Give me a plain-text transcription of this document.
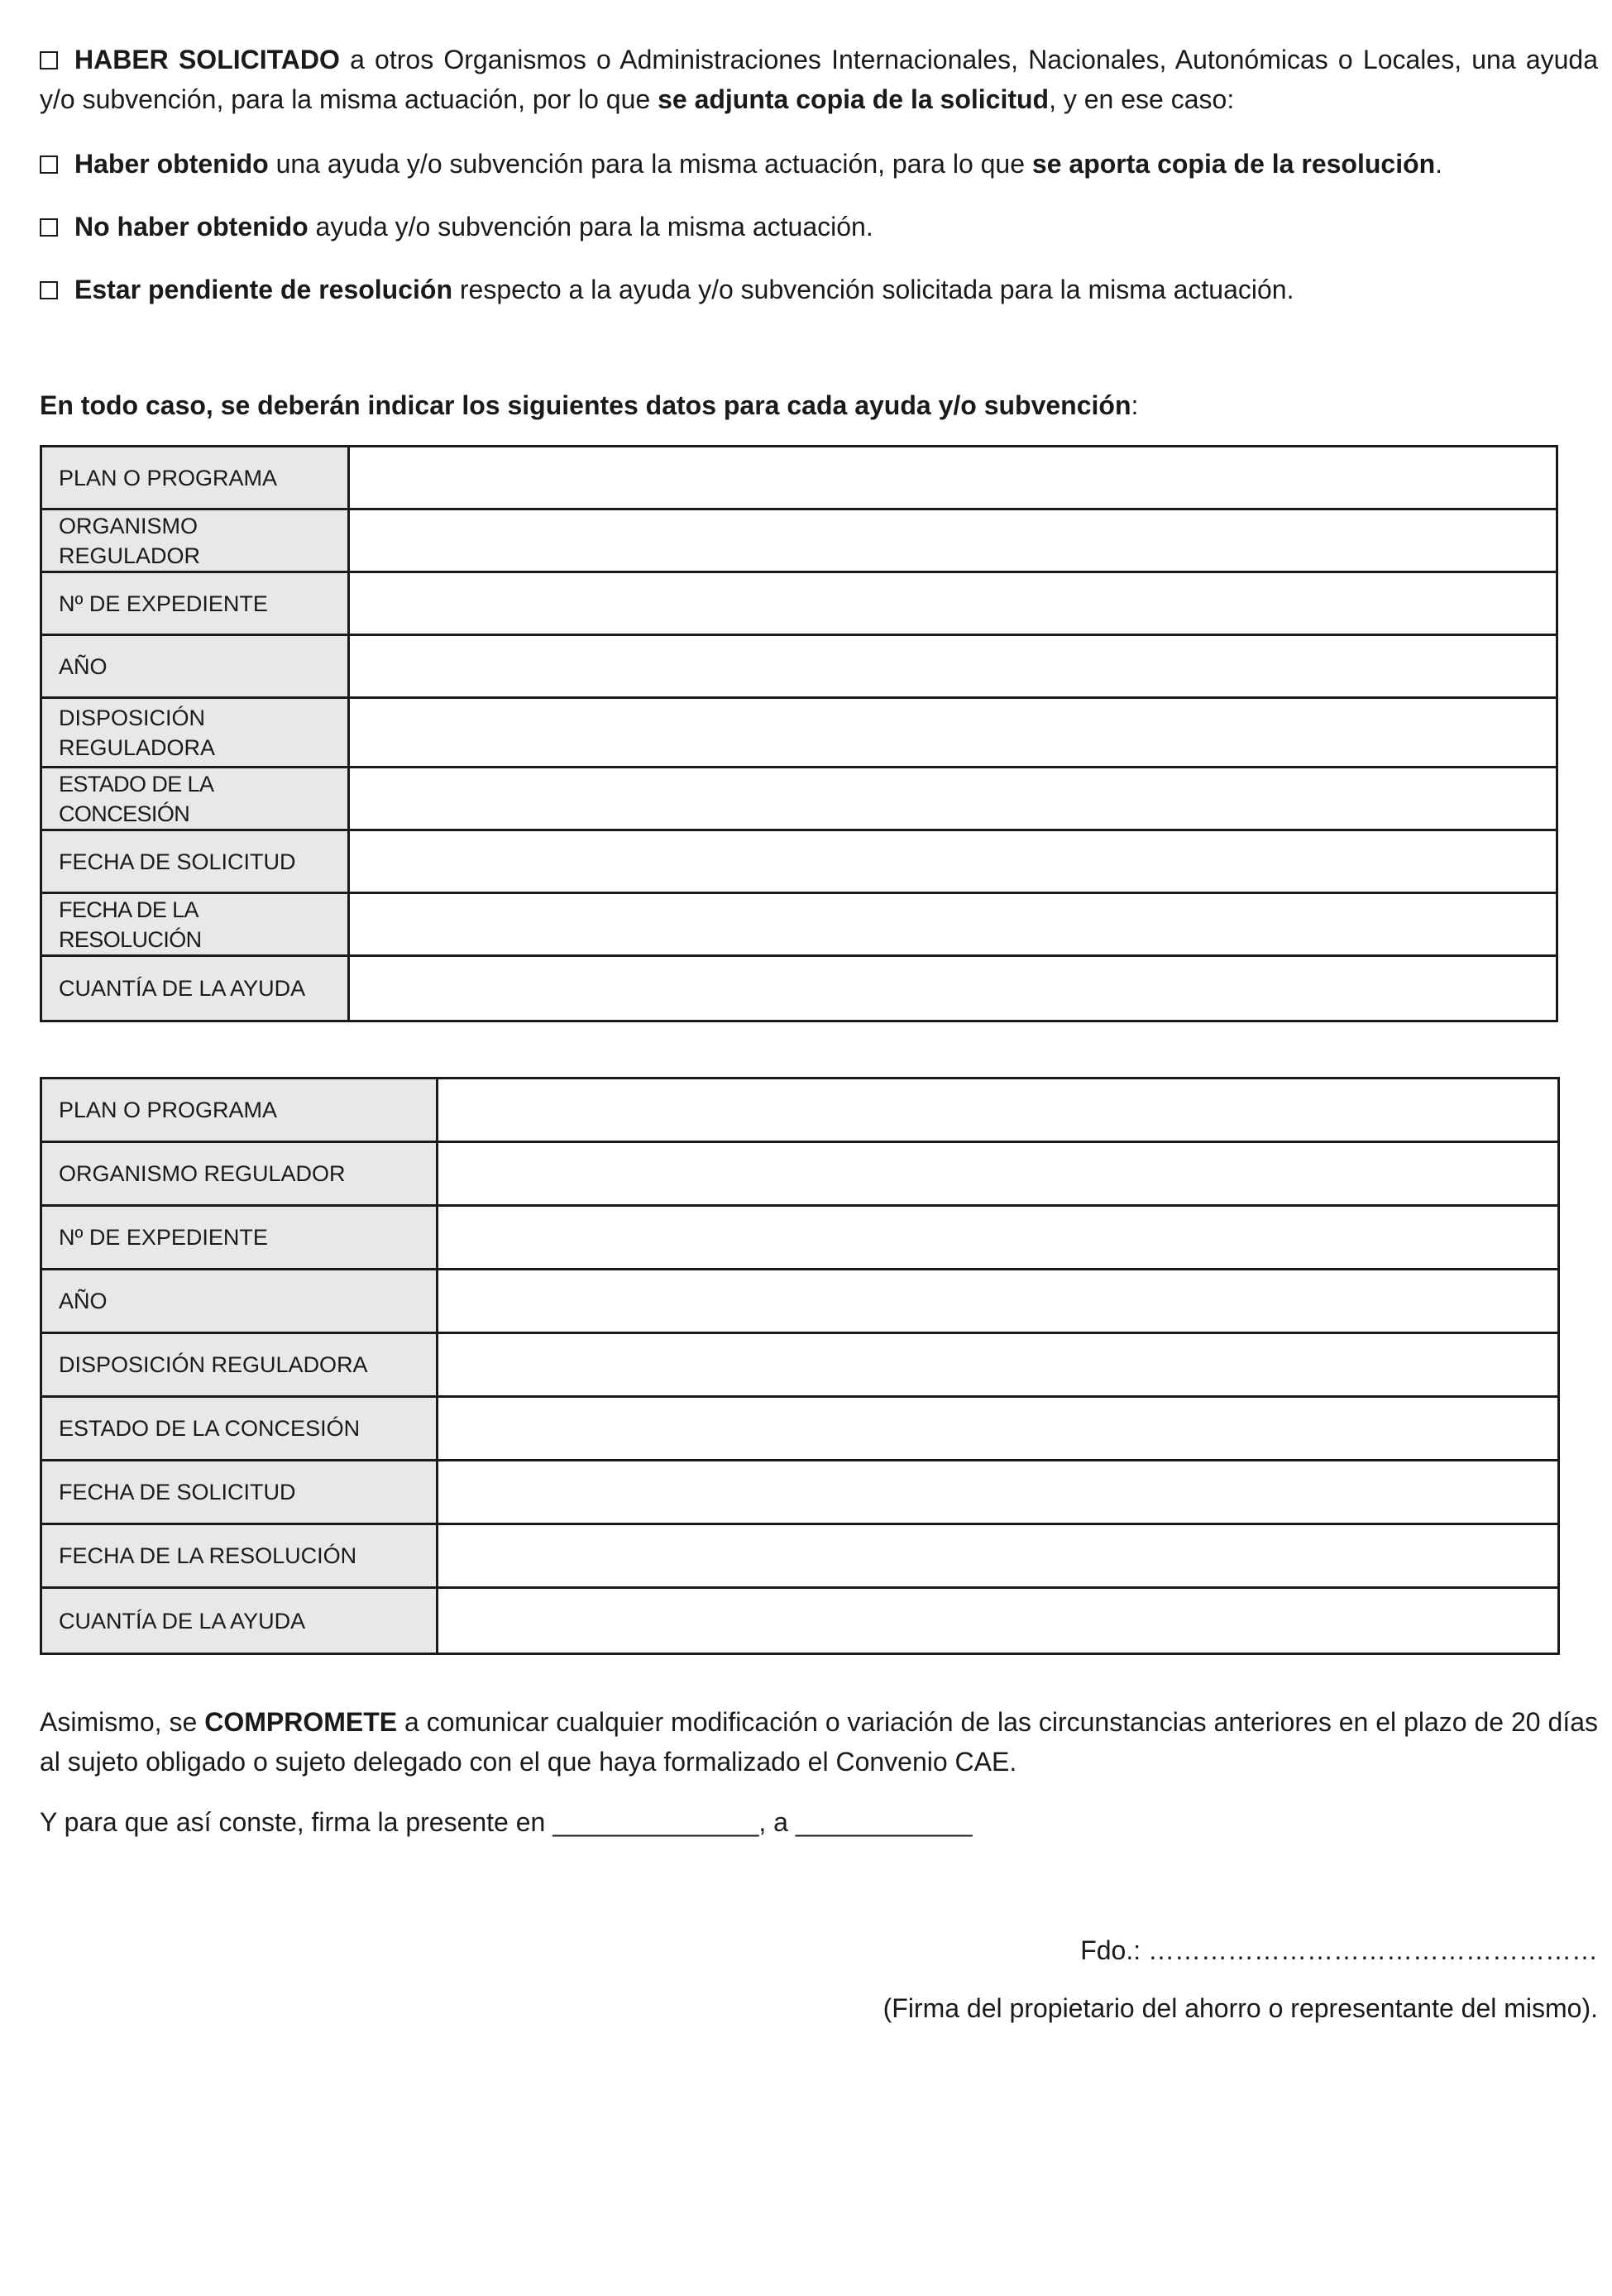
HABER SOLICITADO a otros Organismos o Administraciones Internacionales, Nacionales, Autonómicas o Locales, una ayuda y/o subvención, para la misma actuación, por lo que se adjunta copia de la solicitud, y en ese caso:

Haber obtenido una ayuda y/o subvención para la misma actuación, para lo que se aporta copia de la resolución.
No haber obtenido ayuda y/o subvención para la misma actuación.
Estar pendiente de resolución respecto a la ayuda y/o subvención solicitada para la misma actuación.
En todo caso, se deberán indicar los siguientes datos para cada ayuda y/o subvención:
PLAN O PROGRAMA
ORGANISMO REGULADOR
Nº DE EXPEDIENTE
AÑO
DISPOSICIÓN REGULADORA
ESTADO DE LA CONCESIÓN
FECHA DE SOLICITUD
FECHA DE LA RESOLUCIÓN
CUANTÍA DE LA AYUDA
PLAN O PROGRAMA
ORGANISMO REGULADOR
Nº DE EXPEDIENTE
AÑO
DISPOSICIÓN REGULADORA
ESTADO DE LA CONCESIÓN
FECHA DE SOLICITUD
FECHA DE LA RESOLUCIÓN
CUANTÍA DE LA AYUDA

Asimismo, se COMPROMETE a comunicar cualquier modificación o variación de las circunstancias anteriores en el plazo de 20 días al sujeto obligado o sujeto delegado con el que haya formalizado el Convenio CAE.

Y para que así conste, firma la presente en ______________, a ____________
Fdo.: ……………………………………………
(Firma del propietario del ahorro o representante del mismo).
